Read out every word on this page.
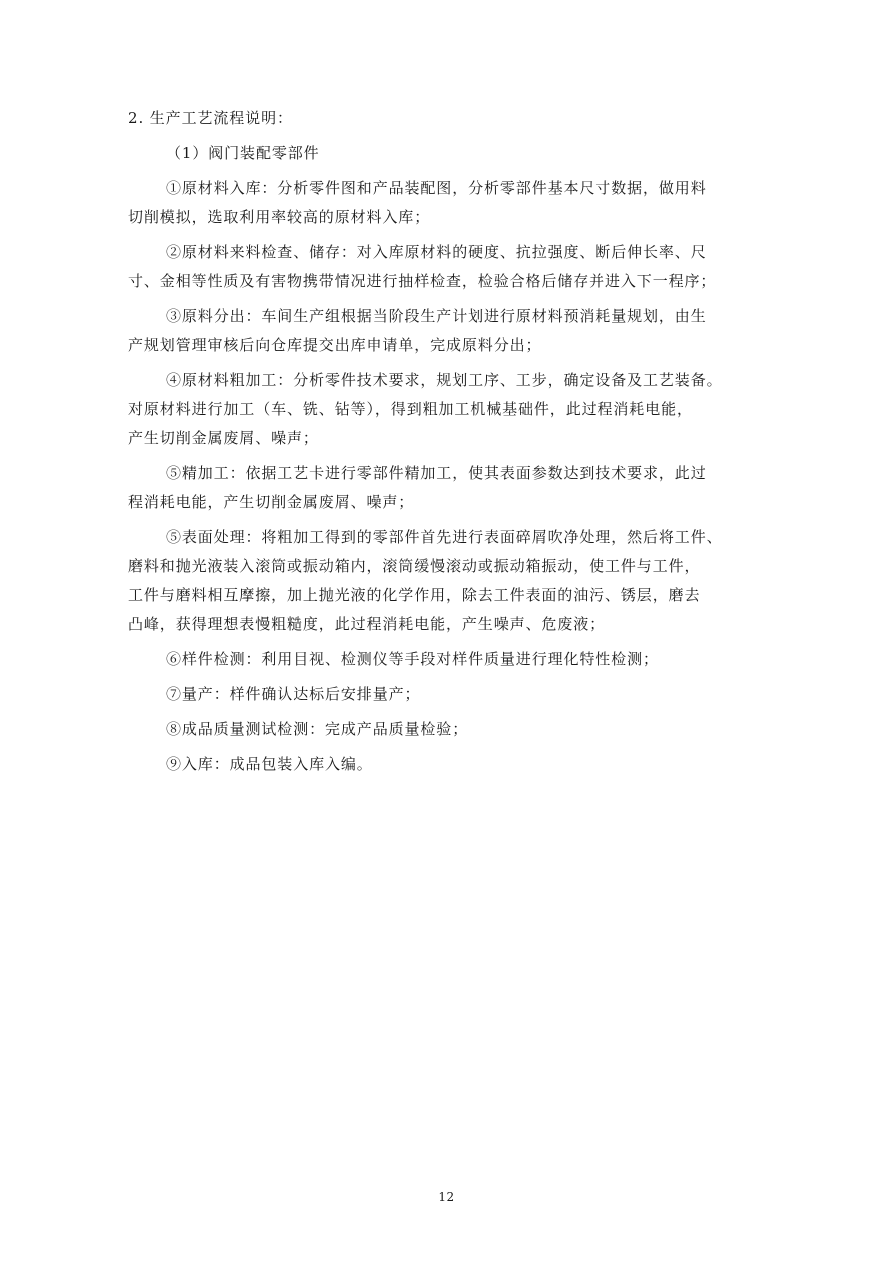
2. 生产工艺流程说明：
（1）阀门装配零部件
①原材料入库：分析零件图和产品装配图，分析零部件基本尺寸数据，做用料
切削模拟，选取利用率较高的原材料入库；
②原材料来料检查、储存：对入库原材料的硬度、抗拉强度、断后伸长率、尺
寸、金相等性质及有害物携带情况进行抽样检查，检验合格后储存并进入下一程序；
③原料分出：车间生产组根据当阶段生产计划进行原材料预消耗量规划，由生
产规划管理审核后向仓库提交出库申请单，完成原料分出；
④原材料粗加工：分析零件技术要求，规划工序、工步，确定设备及工艺装备。
对原材料进行加工（车、铣、钻等），得到粗加工机械基础件，此过程消耗电能，
产生切削金属废屑、噪声；
⑤精加工：依据工艺卡进行零部件精加工，使其表面参数达到技术要求，此过
程消耗电能，产生切削金属废屑、噪声；
⑤表面处理：将粗加工得到的零部件首先进行表面碎屑吹净处理，然后将工件、
磨料和抛光液装入滚筒或振动箱内，滚筒缓慢滚动或振动箱振动，使工件与工件，
工件与磨料相互摩擦，加上抛光液的化学作用，除去工件表面的油污、锈层，磨去
凸峰，获得理想表慢粗糙度，此过程消耗电能，产生噪声、危废液；
⑥样件检测：利用目视、检测仪等手段对样件质量进行理化特性检测；
⑦量产：样件确认达标后安排量产；
⑧成品质量测试检测：完成产品质量检验；
⑨入库：成品包装入库入编。
12
